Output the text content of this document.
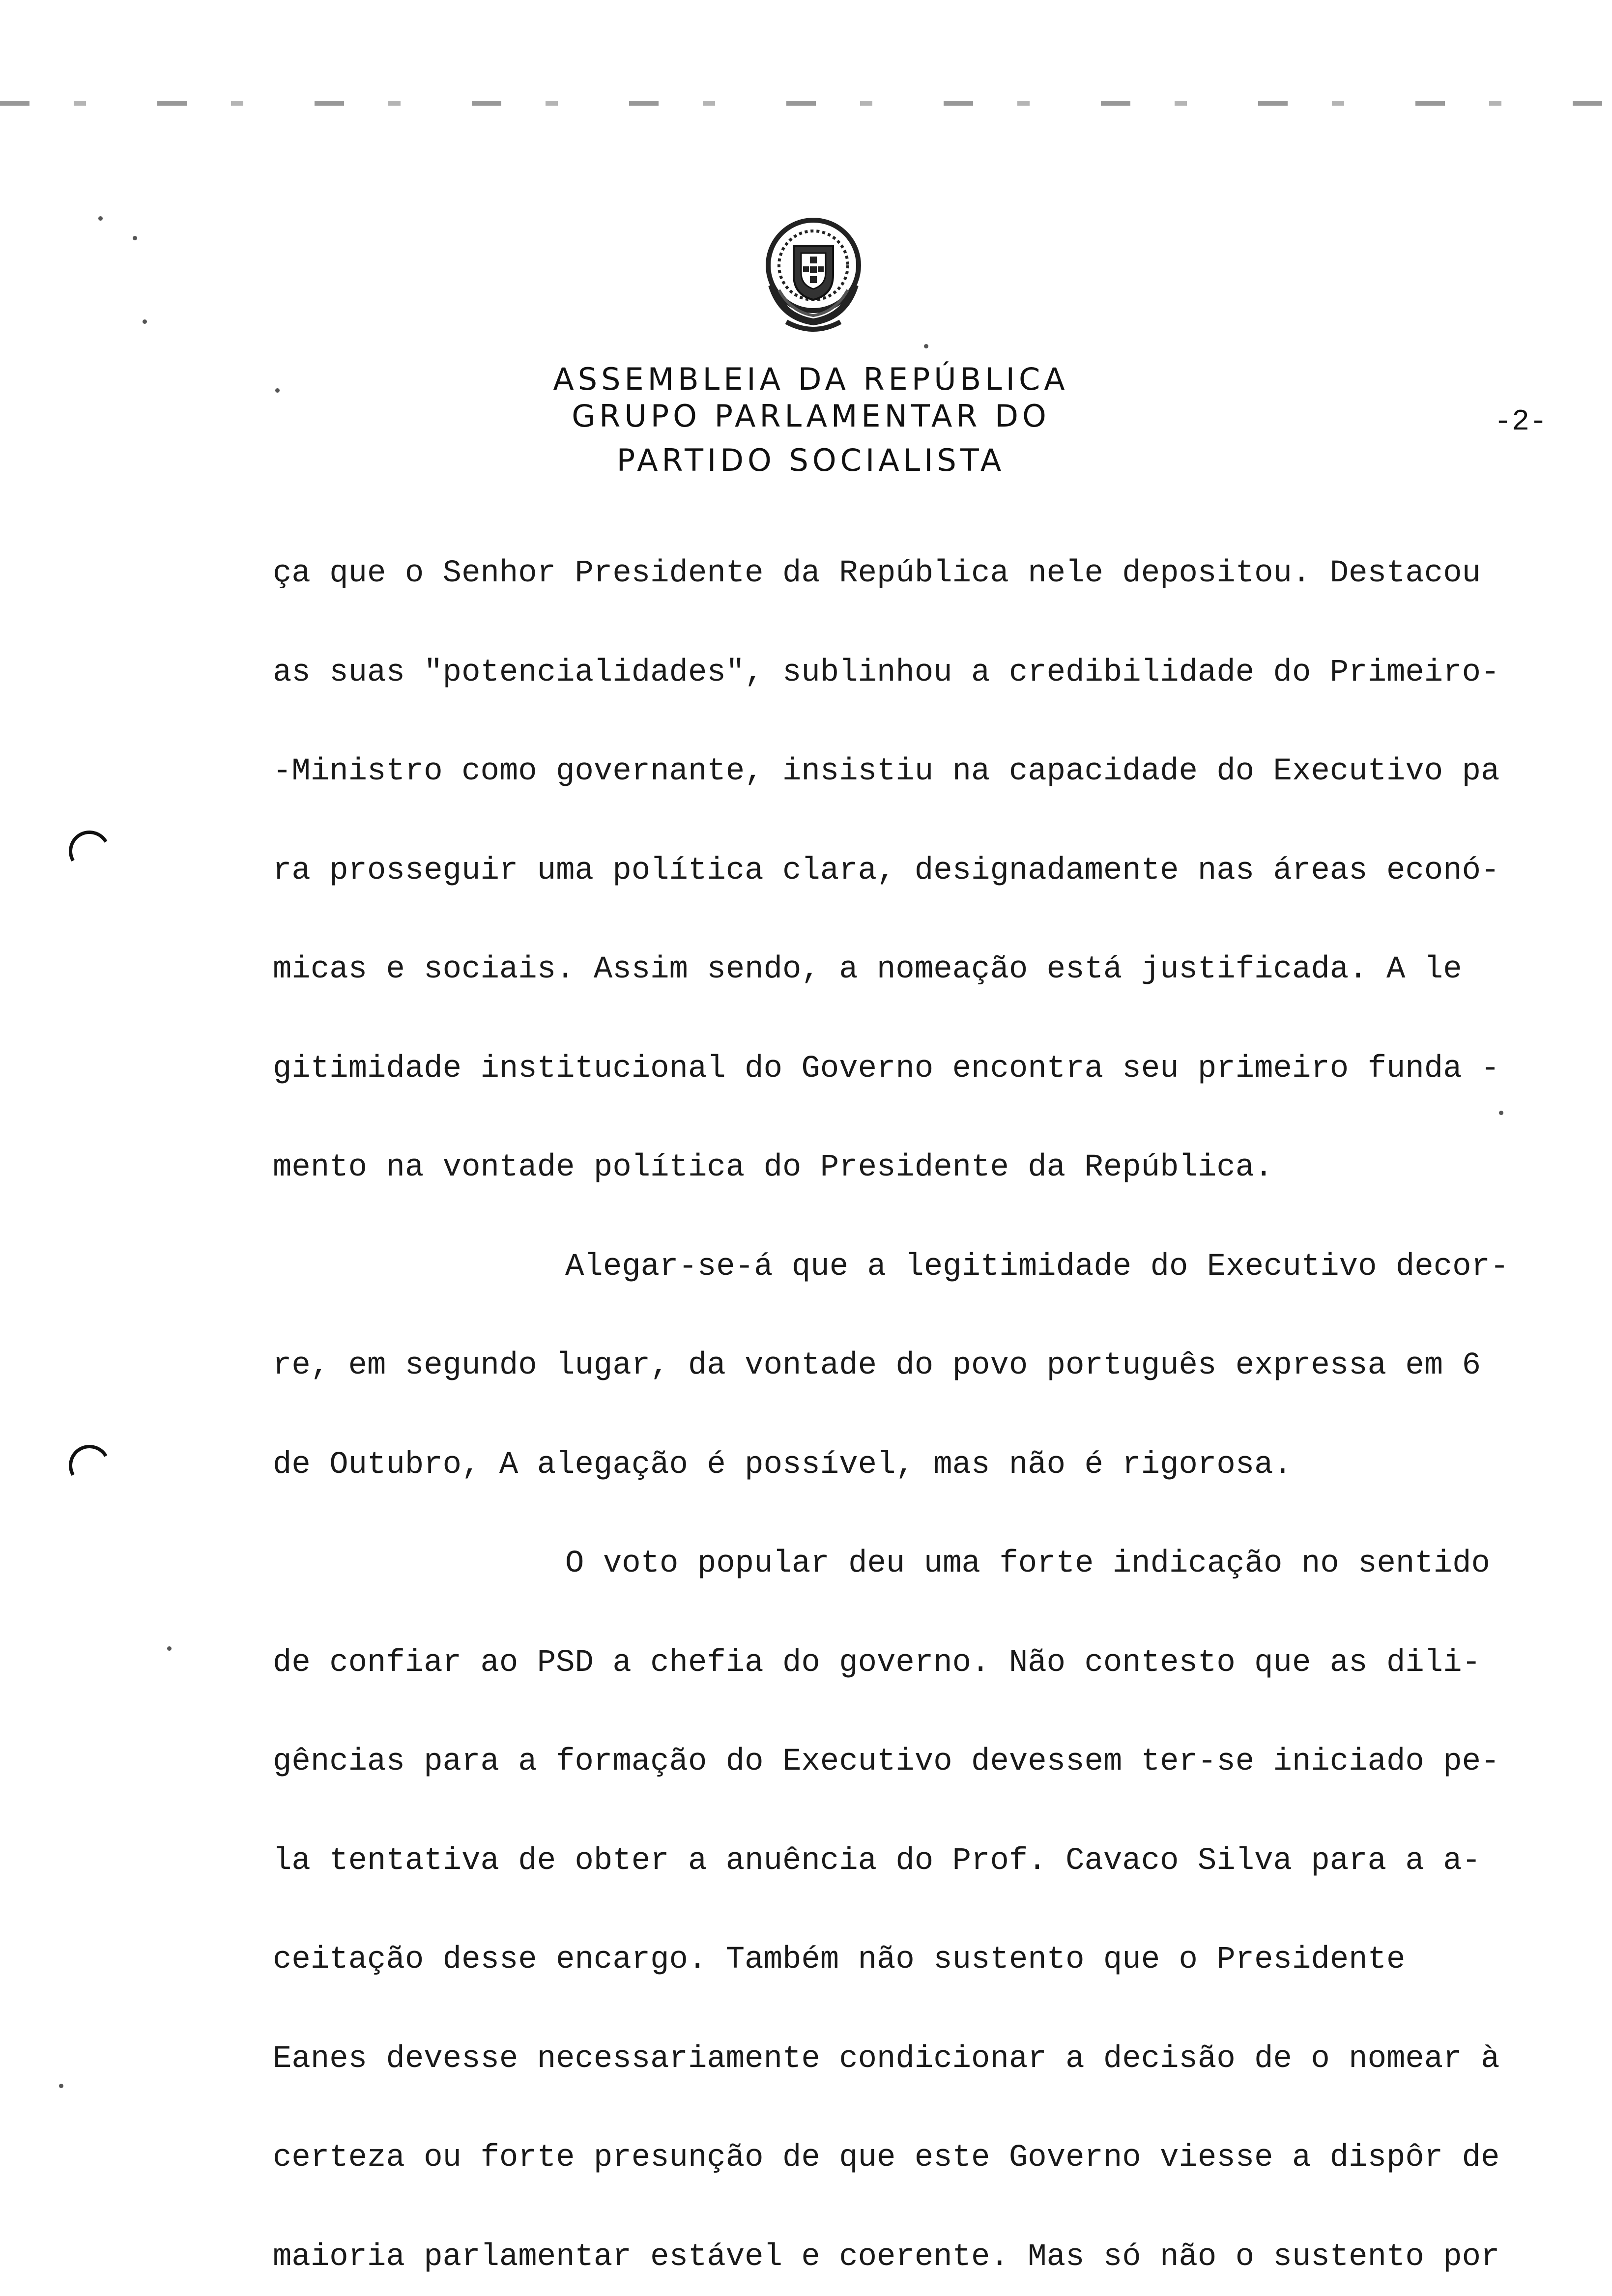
ASSEMBLEIA DA REPÚBLICA
GRUPO PARLAMENTAR DO
PARTIDO SOCIALISTA
-2-
ça que o Senhor Presidente da República nele depositou. Destacou
as suas "potencialidades", sublinhou a credibilidade do Primeiro-
-Ministro como governante, insistiu na capacidade do Executivo pa
ra prosseguir uma política clara, designadamente nas áreas econó-
micas e sociais. Assim sendo, a nomeação está justificada. A le
gitimidade institucional do Governo encontra seu primeiro funda -
mento na vontade política do Presidente da República.
Alegar-se-á que a legitimidade do Executivo decor-
re, em segundo lugar, da vontade do povo português expressa em 6
de Outubro, A alegação é possível, mas não é rigorosa.
O voto popular deu uma forte indicação no sentido
de confiar ao PSD a chefia do governo. Não contesto que as dili-
gências para a formação do Executivo devessem ter-se iniciado pe-
la tentativa de obter a anuência do Prof. Cavaco Silva para a a-
ceitação desse encargo. Também não sustento que o Presidente
Eanes devesse necessariamente condicionar a decisão de o nomear à
certeza ou forte presunção de que este Governo viesse a dispôr de
maioria parlamentar estável e coerente. Mas só não o sustento por
